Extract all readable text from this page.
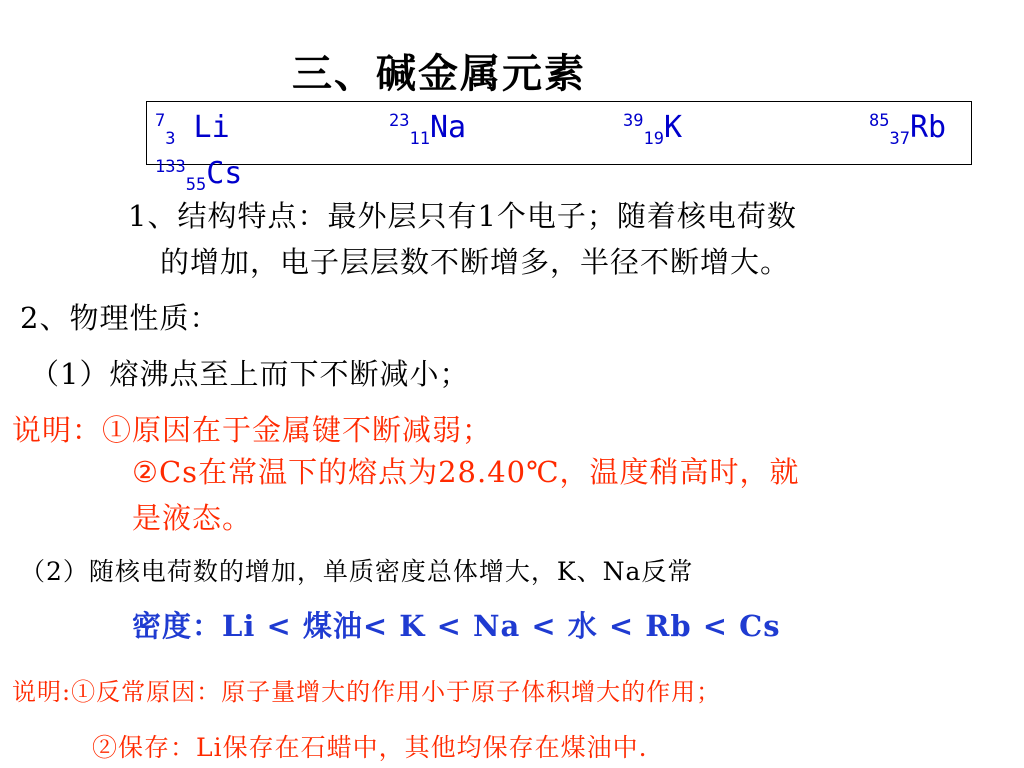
三、碱金属元素
$^7_3$ Li	$^{23}_{11}$Na	$^{39}_{19}$K	$^{85}_{37}$Rb
$^{133}_{55}$Cs
1、结构特点：最外层只有1个电子；随着核电荷数
的增加，电子层层数不断增多，半径不断增大。
2、物理性质：
（1）熔沸点至上而下不断减小；
说明：①原因在于金属键不断减弱；
②Cs在常温下的熔点为28.40℃，温度稍高时，就
是液态。
（2）随核电荷数的增加，单质密度总体增大，K、Na反常
密度：Li < 煤油< K < Na < 水 < Rb < Cs
说明:①反常原因：原子量增大的作用小于原子体积增大的作用；
②保存：Li保存在石蜡中，其他均保存在煤油中.
